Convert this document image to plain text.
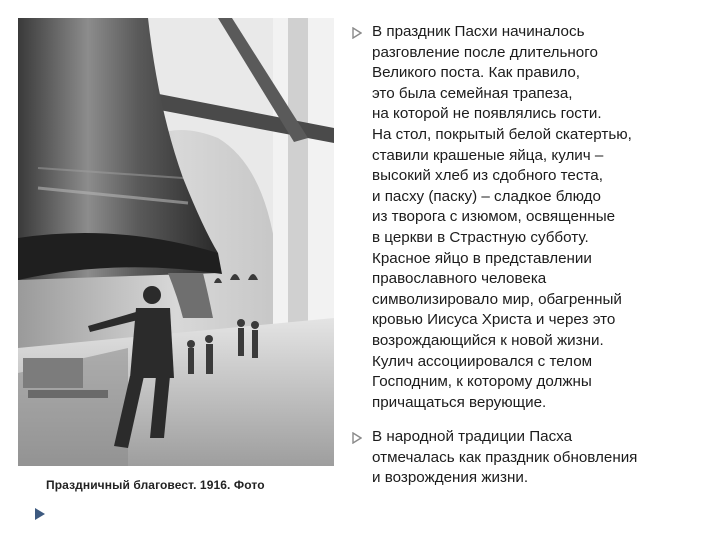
Праздничный благовест. 1916. Фото
В праздник Пасхи начиналось
разговление после длительного
Великого поста. Как правило,
это была семейная трапеза,
на которой не появлялись гости.
На стол, покрытый белой скатертью,
ставили крашеные яйца, кулич –
высокий хлеб из сдобного теста,
и пасху (паску) – сладкое блюдо
из творога с изюмом, освященные
в церкви в Страстную субботу.
Красное яйцо в представлении
православного человека
символизировало мир, обагренный
кровью Иисуса Христа и через это
возрождающийся к новой жизни.
Кулич ассоциировался с телом
Господним, к которому должны
причащаться верующие.
В народной традиции Пасха
отмечалась как праздник обновления
и возрождения жизни.
